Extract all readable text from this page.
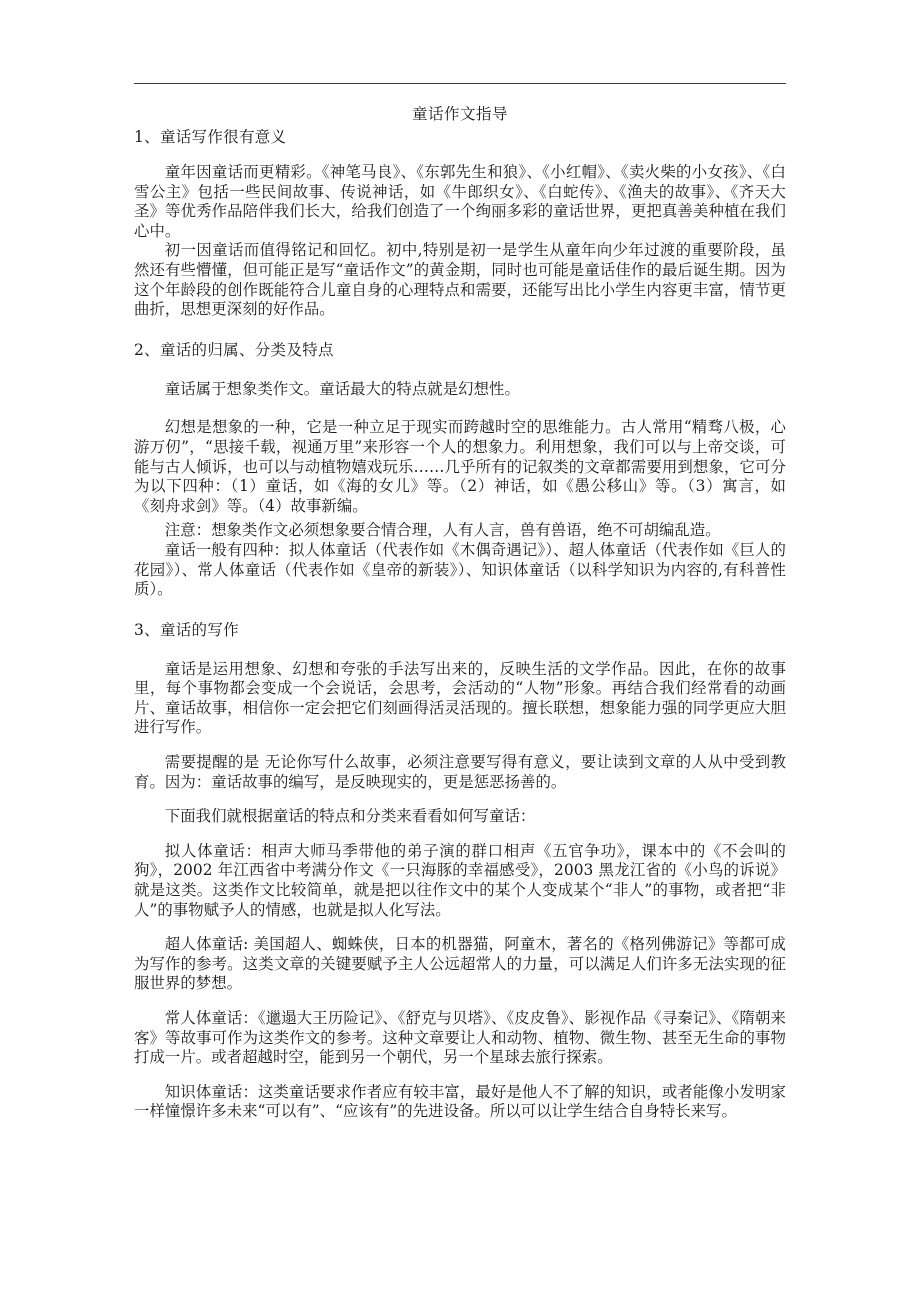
童话作文指导
1、童话写作很有意义

童年因童话而更精彩。《神笔马良》、《东郭先生和狼》、《小红帽》、《卖火柴的小女孩》、《白雪公主》包括一些民间故事、传说神话，如《牛郎织女》、《白蛇传》、《渔夫的故事》、《齐天大圣》等优秀作品陪伴我们长大，给我们创造了一个绚丽多彩的童话世界，更把真善美种植在我们心中。

初一因童话而值得铭记和回忆。初中,特别是初一是学生从童年向少年过渡的重要阶段，虽然还有些懵懂，但可能正是写“童话作文”的黄金期，同时也可能是童话佳作的最后诞生期。因为这个年龄段的创作既能符合儿童自身的心理特点和需要，还能写出比小学生内容更丰富，情节更曲折，思想更深刻的好作品。

2、童话的归属、分类及特点

童话属于想象类作文。童话最大的特点就是幻想性。

幻想是想象的一种，它是一种立足于现实而跨越时空的思维能力。古人常用“精骛八极，心游万仞”，“思接千载，视通万里”来形容一个人的想象力。利用想象，我们可以与上帝交谈，可能与古人倾诉，也可以与动植物嬉戏玩乐……几乎所有的记叙类的文章都需要用到想象，它可分为以下四种：（1）童话，如《海的女儿》等。（2）神话，如《愚公移山》等。（3）寓言，如《刻舟求剑》等。（4）故事新编。

注意：想象类作文必须想象要合情合理，人有人言，兽有兽语，绝不可胡编乱造。

童话一般有四种：拟人体童话（代表作如《木偶奇遇记》）、超人体童话（代表作如《巨人的花园》）、常人体童话（代表作如《皇帝的新装》）、知识体童话（以科学知识为内容的,有科普性质）。

3、童话的写作

童话是运用想象、幻想和夸张的手法写出来的，反映生活的文学作品。因此，在你的故事里，每个事物都会变成一个会说话，会思考，会活动的“人物”形象。再结合我们经常看的动画片、童话故事，相信你一定会把它们刻画得活灵活现的。擅长联想，想象能力强的同学更应大胆进行写作。

需要提醒的是 无论你写什么故事，必须注意要写得有意义，要让读到文章的人从中受到教育。因为：童话故事的编写，是反映现实的，更是惩恶扬善的。

下面我们就根据童话的特点和分类来看看如何写童话：

拟人体童话：相声大师马季带他的弟子演的群口相声《五官争功》，课本中的《不会叫的狗》，2002 年江西省中考满分作文《一只海豚的幸福感受》，2003 黑龙江省的《小鸟的诉说》就是这类。这类作文比较简单，就是把以往作文中的某个人变成某个“非人”的事物，或者把“非人”的事物赋予人的情感，也就是拟人化写法。

超人体童话: 美国超人、蜘蛛侠，日本的机器猫，阿童木，著名的《格列佛游记》等都可成为写作的参考。这类文章的关键要赋予主人公远超常人的力量，可以满足人们许多无法实现的征服世界的梦想。

常人体童话：《邋遢大王历险记》、《舒克与贝塔》、《皮皮鲁》、影视作品《寻秦记》、《隋朝来客》等故事可作为这类作文的参考。这种文章要让人和动物、植物、微生物、甚至无生命的事物打成一片。或者超越时空，能到另一个朝代，另一个星球去旅行探索。

知识体童话：这类童话要求作者应有较丰富，最好是他人不了解的知识，或者能像小发明家一样憧憬许多未来“可以有”、“应该有”的先进设备。所以可以让学生结合自身特长来写。
